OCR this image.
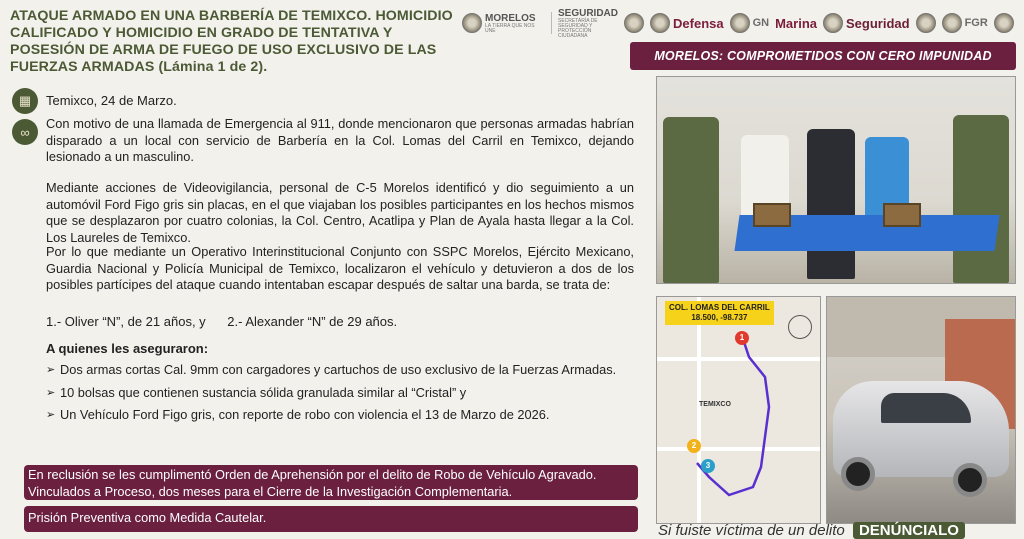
ATAQUE ARMADO EN UNA BARBERÍA DE TEMIXCO. HOMICIDIO CALIFICADO Y HOMICIDIO EN GRADO DE TENTATIVA Y POSESIÓN DE ARMA DE FUEGO DE USO EXCLUSIVO DE LAS FUERZAS ARMADAS (Lámina 1 de 2).
MORELOS
LA TIERRA QUE NOS UNE
SEGURIDAD
SECRETARÍA DE SEGURIDAD Y PROTECCIÓN CIUDADANA
Defensa	GN Marina Seguridad	FGR
MORELOS: COMPROMETIDOS CON CERO IMPUNIDAD
▦	Temixco, 24 de Marzo.
∞
Con motivo de una llamada de Emergencia al 911, donde mencionaron que personas armadas habrían disparado a un local con servicio de Barbería en la Col. Lomas del Carril en Temixco, dejando lesionado a un masculino.
Mediante acciones de Videovigilancia, personal de C-5 Morelos identificó y dio seguimiento a un automóvil Ford Figo gris sin placas, en el que viajaban los posibles participantes en los hechos mismos que se desplazaron por cuatro colonias, la Col. Centro, Acatlipa y Plan de Ayala hasta llegar a la Col. Los Laureles de Temixco.
Por lo que mediante un Operativo Interinstitucional Conjunto con SSPC Morelos, Ejército Mexicano, Guardia Nacional y Policía Municipal de Temixco, localizaron el vehículo y detuvieron a dos de los posibles partícipes del ataque cuando intentaban escapar después de saltar una barda, se trata de:
1.- Oliver “N”, de 21 años, y 2.- Alexander “N” de 29 años.
A quienes les aseguraron:
➢ Dos armas cortas Cal. 9mm con cargadores y cartuchos de uso exclusivo de la Fuerzas Armadas.
➢ 10 bolsas que contienen sustancia sólida granulada similar al “Cristal” y
➢ Un Vehículo Ford Figo gris, con reporte de robo con violencia el 13 de Marzo de 2026.
En reclusión se les cumplimentó Orden de Aprehensión por el delito de Robo de Vehículo Agravado. Vinculados a Proceso, dos meses para el Cierre de la Investigación Complementaria.
Prisión Preventiva como Medida Cautelar.
COL. LOMAS DEL CARRIL
18.500, -98.737
TEMIXCO
1
2
3
Si fuiste víctima de un delito DENÚNCIALO
